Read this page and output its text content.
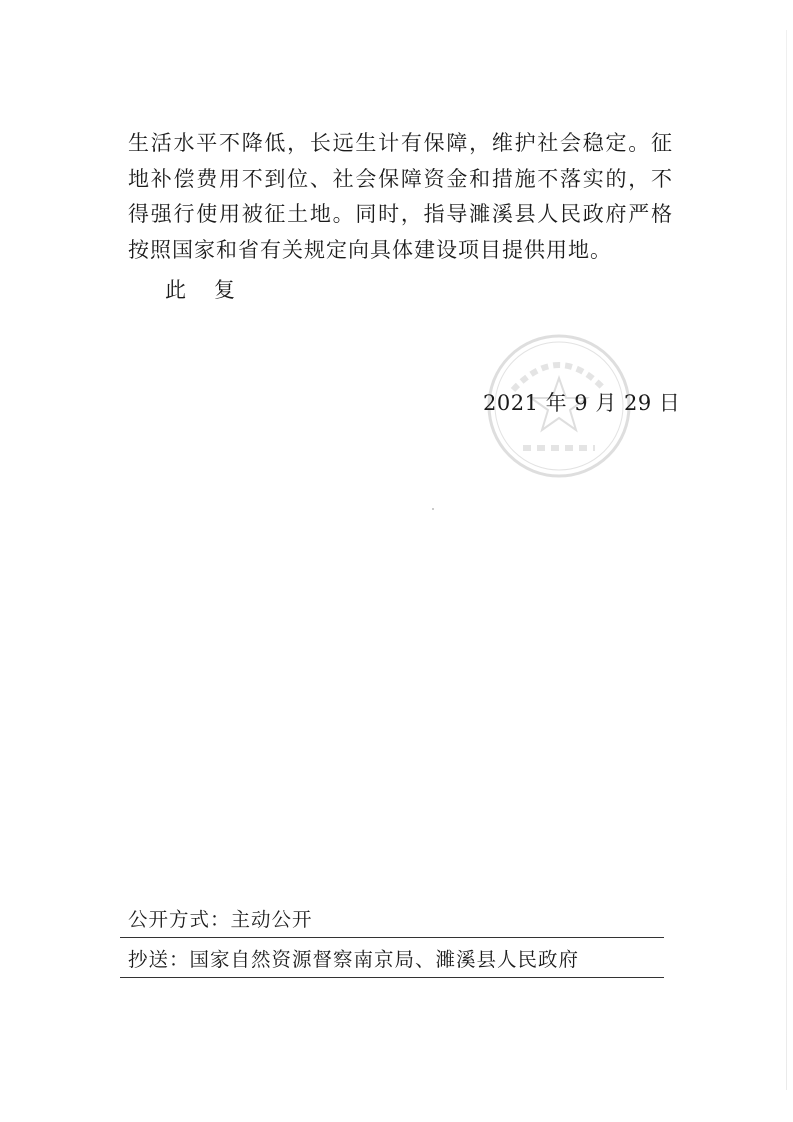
生活水平不降低，长远生计有保障，维护社会稳定。征地补偿费用不到位、社会保障资金和措施不落实的，不得强行使用被征土地。同时，指导濉溪县人民政府严格按照国家和省有关规定向具体建设项目提供用地。

此复
2021 年 9 月 29 日
公开方式：主动公开
抄送：国家自然资源督察南京局、濉溪县人民政府
